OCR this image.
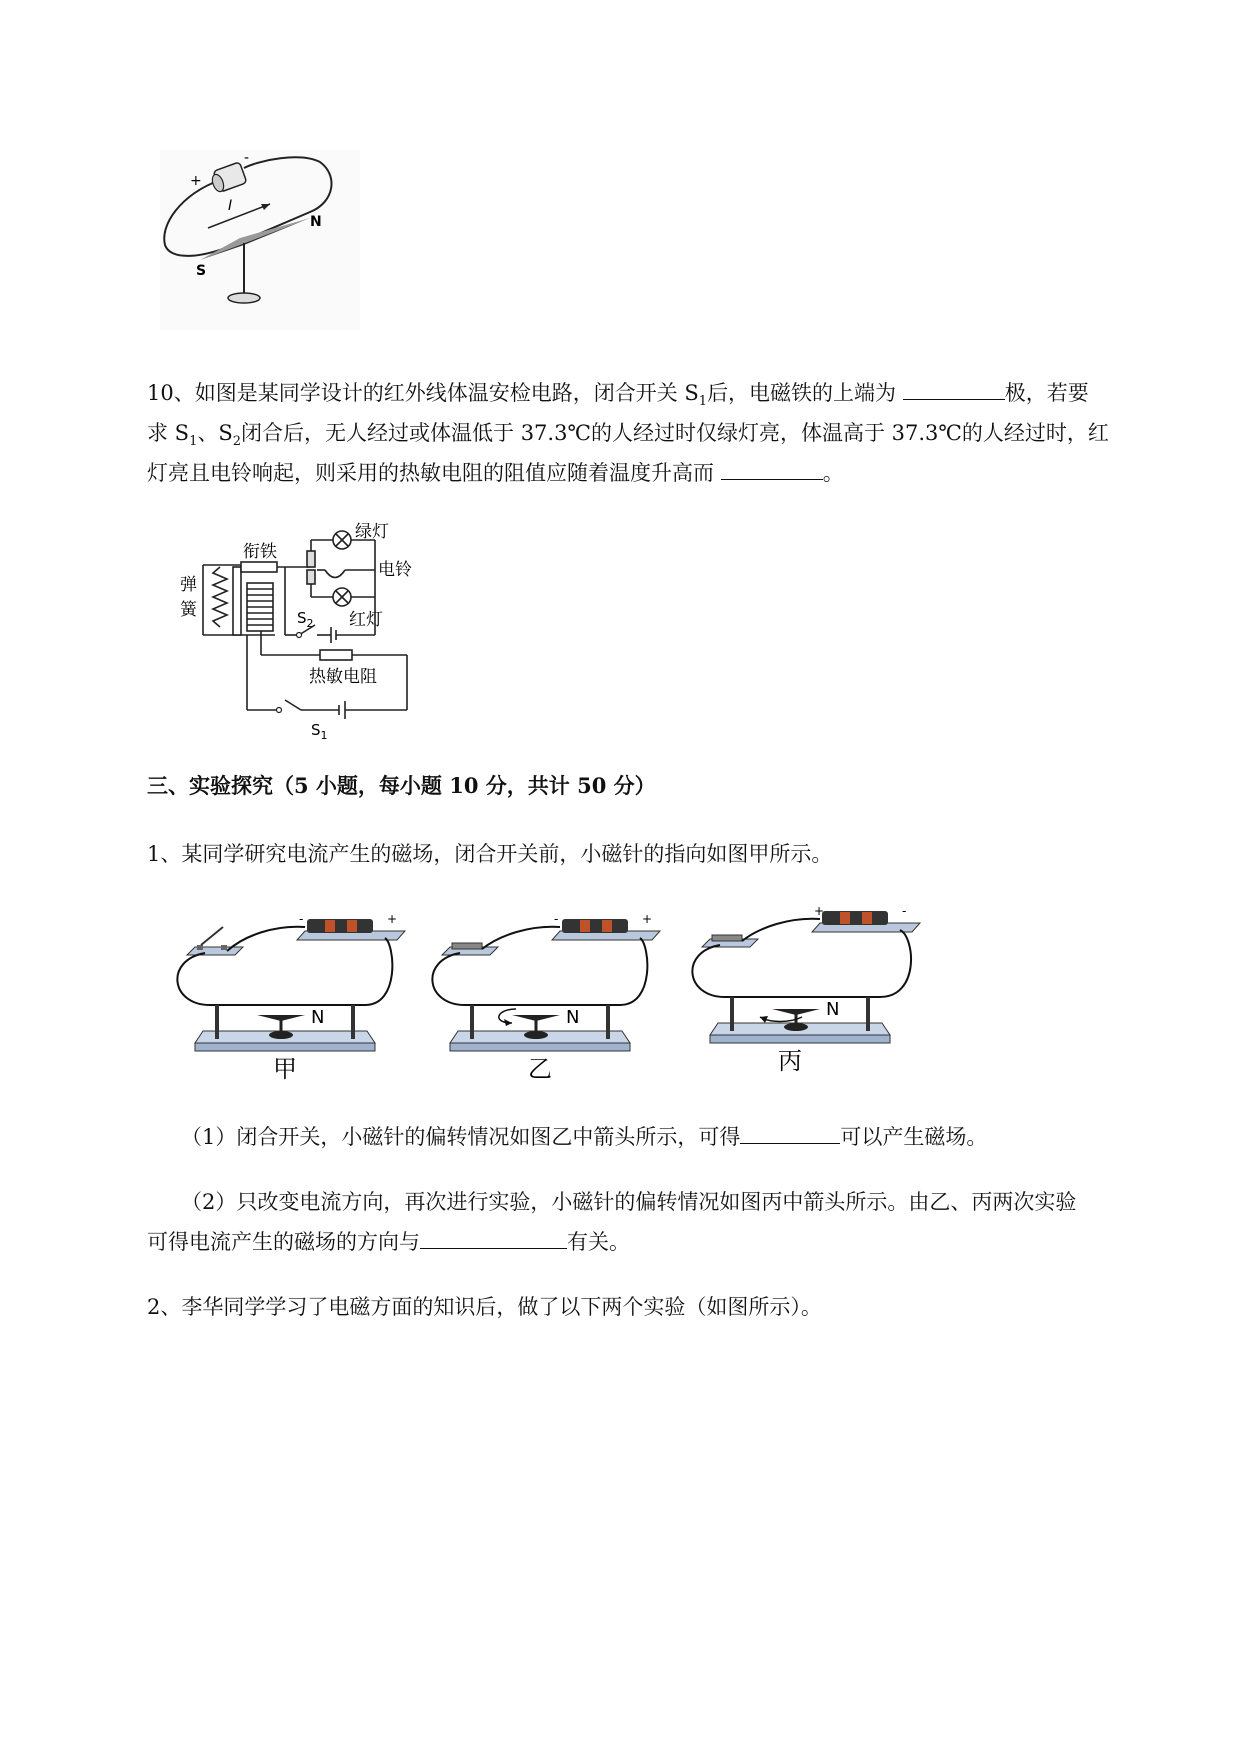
+
-
I
N
S
10、如图是某同学设计的红外线体温安检电路，闭合开关 $S_1$后，电磁铁的上端为	极，若要
求 $S_1$、$S_2$闭合后，无人经过或体温低于 37.3℃的人经过时仅绿灯亮，体温高于 37.3℃的人经过时，红
灯亮且电铃响起，则采用的热敏电阻的阻值应随着温度升高而	。
衔铁
绿灯
电铃
弹
簧	$S_2$ 红灯
热敏电阻
$S_1$
三、实验探究（5 小题，每小题 10 分，共计 50 分）
1、某同学研究电流产生的磁场，闭合开关前，小磁针的指向如图甲所示。
-	+
N
甲
-	+
N
乙
+	-
N
丙
（1）闭合开关，小磁针的偏转情况如图乙中箭头所示，可得	可以产生磁场。
（2）只改变电流方向，再次进行实验，小磁针的偏转情况如图丙中箭头所示。由乙、丙两次实验
可得电流产生的磁场的方向与	有关。
2、李华同学学习了电磁方面的知识后，做了以下两个实验（如图所示）。
